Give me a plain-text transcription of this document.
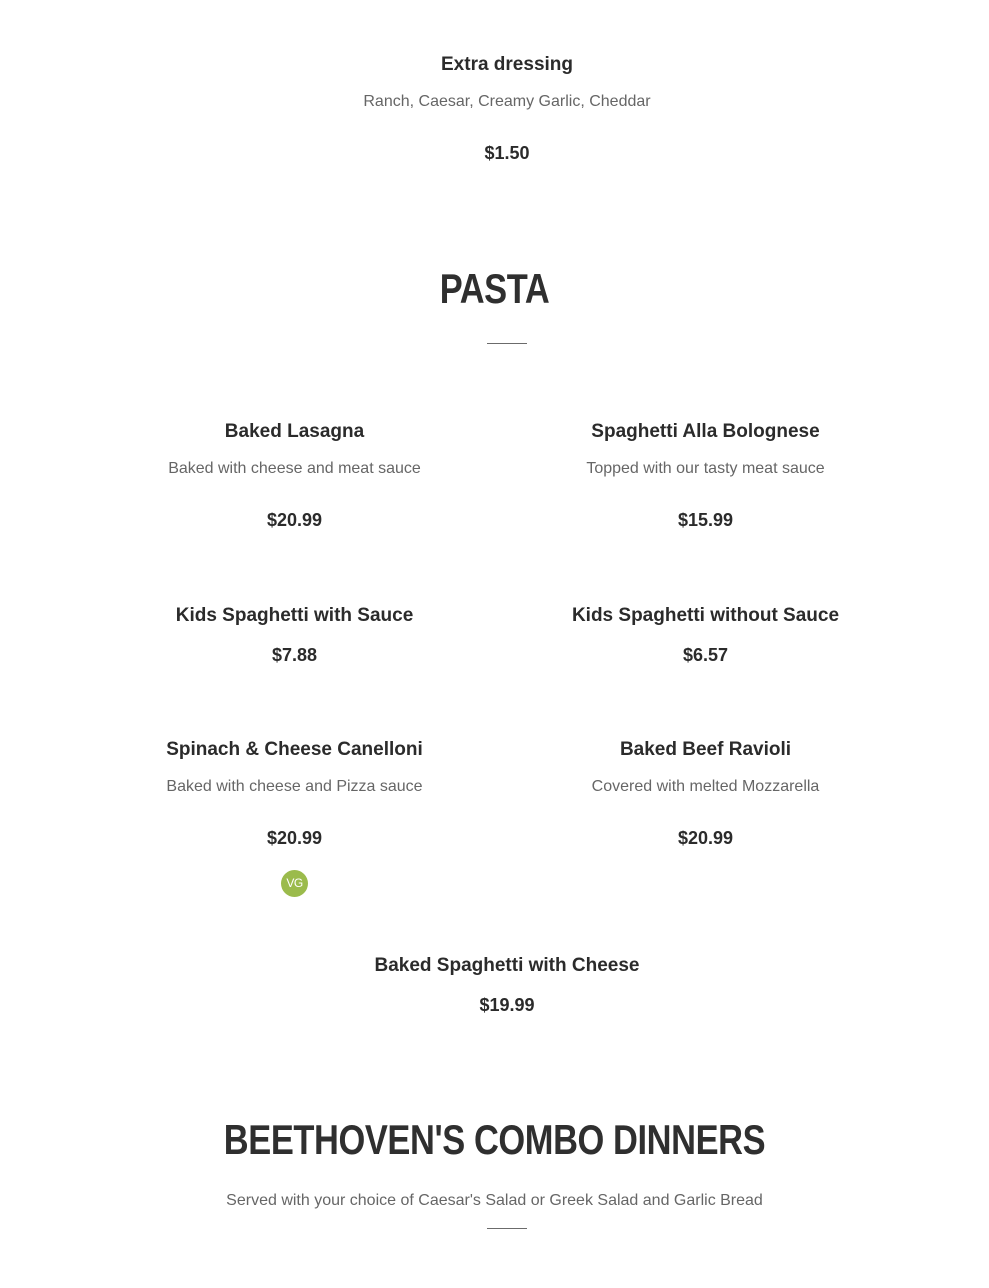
Extra dressing
Ranch, Caesar, Creamy Garlic, Cheddar
$1.50
PASTA
Baked Lasagna
Baked with cheese and meat sauce
$20.99
Spaghetti Alla Bolognese
Topped with our tasty meat sauce
$15.99
Kids Spaghetti with Sauce
$7.88
Kids Spaghetti without Sauce
$6.57
Spinach & Cheese Canelloni
Baked with cheese and Pizza sauce
$20.99
VG
Baked Beef Ravioli
Covered with melted Mozzarella
$20.99
Baked Spaghetti with Cheese
$19.99
BEETHOVEN'S COMBO DINNERS
Served with your choice of Caesar's Salad or Greek Salad and Garlic Bread
